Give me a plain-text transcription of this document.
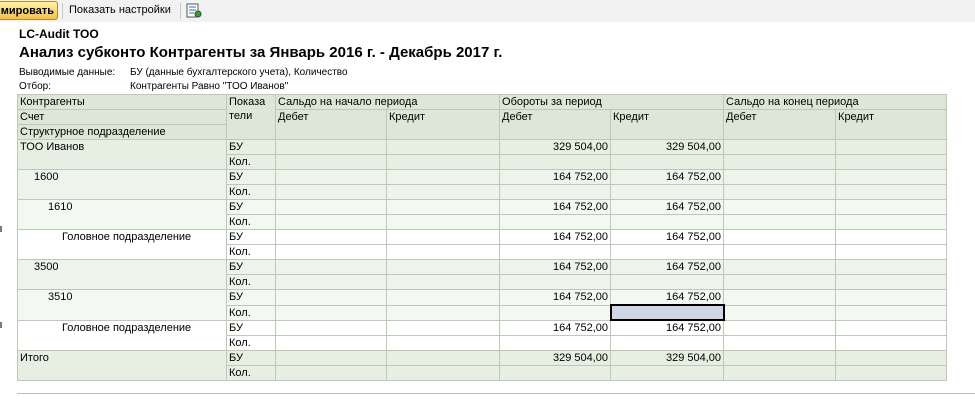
мировать	Показать настройки
LC-Audit ТОО
Анализ субконто Контрагенты за Январь 2016 г. - Декабрь 2017 г.
Выводимые данные: БУ (данные бухгалтерского учета), Количество
Отбор:	Контрагенты Равно "ТОО Иванов"
Контрагенты	Показа
тели	Сальдо на начало периода		Обороты за период		Сальдо на конец периода	
Счет		Дебет	Кредит	Дебет	Кредит	Дебет	Кредит
Структурное подразделение							
ТОО Иванов	БУ			329 504,00	329 504,00		
	Кол.						
1600	БУ			164 752,00	164 752,00		
	Кол.						
1610	БУ			164 752,00	164 752,00		
	Кол.						
Головное подразделение	БУ			164 752,00	164 752,00		
	Кол.						
3500	БУ			164 752,00	164 752,00		
	Кол.						
3510	БУ			164 752,00	164 752,00		
	Кол.						
Головное подразделение	БУ			164 752,00	164 752,00		
	Кол.						
Итого	БУ			329 504,00	329 504,00		
	Кол.						
